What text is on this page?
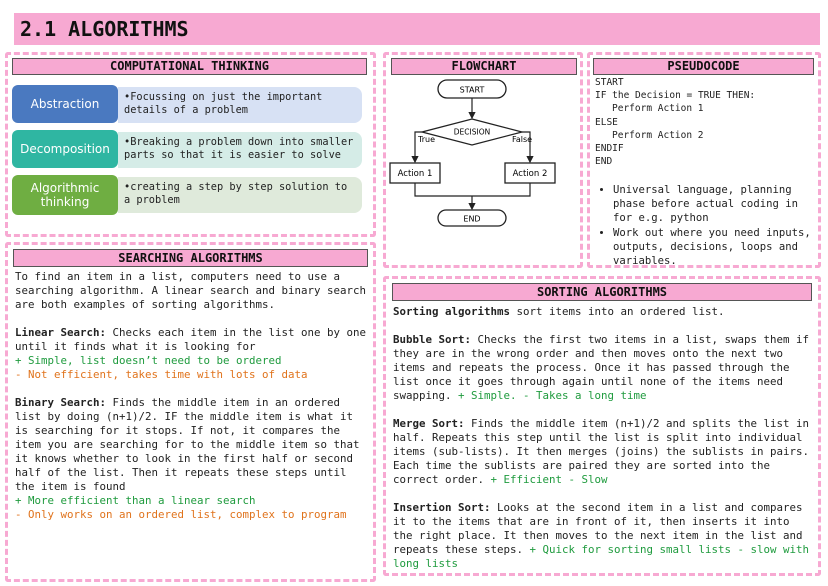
2.1 ALGORITHMS
COMPUTATIONAL THINKING
•Focussing on just the important details of a problem
Abstraction
•Breaking a problem down into smaller parts so that it is easier to solve
Decomposition
•creating a step by step solution to a problem
Algorithmic thinking
FLOWCHART
START
DECISION
True	False
Action 1	Action 2
END
PSEUDOCODE
START
IF the Decision = TRUE THEN:
Perform Action 1
ELSE
Perform Action 2
ENDIF
END
• Universal language, planning phase before actual coding in for e.g. python
• Work out where you need inputs, outputs, decisions, loops and variables.
SEARCHING ALGORITHMS

To find an item in a list, computers need to use a searching algorithm. A linear search and binary search are both examples of sorting algorithms.

Linear Search: Checks each item in the list one by one until it finds what it is looking for

+ Simple, list doesn’t need to be ordered

- Not efficient, takes time with lots of data

Binary Search: Finds the middle item in an ordered list by doing (n+1)/2. IF the middle item is what it is searching for it stops. If not, it compares the item you are searching for to the middle item so that it knows whether to look in the first half or second half of the list. Then it repeats these steps until the item is found

+ More efficient than a linear search

- Only works on an ordered list, complex to program

SORTING ALGORITHMS

Sorting algorithms sort items into an ordered list.

Bubble Sort: Checks the first two items in a list, swaps them if they are in the wrong order and then moves onto the next two items and repeats the process. Once it has passed through the list once it goes through again until none of the items need swapping. + Simple. - Takes a long time

Merge Sort: Finds the middle item (n+1)/2 and splits the list in half. Repeats this step until the list is split into individual items (sub-lists). It then merges (joins) the sublists in pairs. Each time the sublists are paired they are sorted into the correct order. + Efficient - Slow

Insertion Sort: Looks at the second item in a list and compares it to the items that are in front of it, then inserts it into the right place. It then moves to the next item in the list and repeats these steps. + Quick for sorting small lists - slow with long lists
